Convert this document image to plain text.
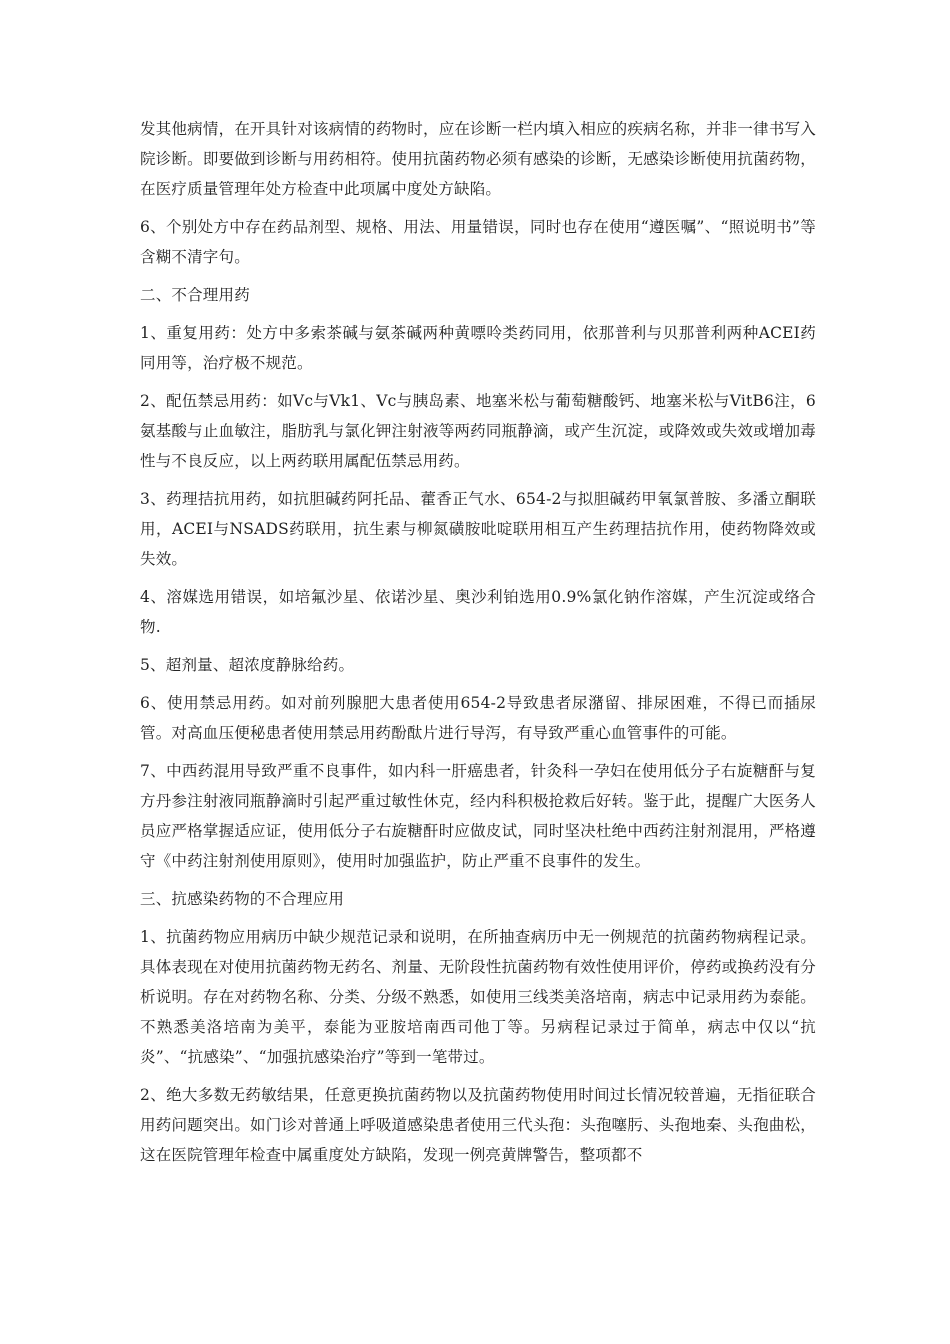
发其他病情，在开具针对该病情的药物时，应在诊断一栏内填入相应的疾病名称，并非一律书写入院诊断。即要做到诊断与用药相符。使用抗菌药物必须有感染的诊断，无感染诊断使用抗菌药物，在医疗质量管理年处方检查中此项属中度处方缺陷。

6、个别处方中存在药品剂型、规格、用法、用量错误，同时也存在使用“遵医嘱”、“照说明书”等含糊不清字句。

二、不合理用药

1、重复用药：处方中多索茶碱与氨茶碱两种黄嘌呤类药同用，依那普利与贝那普利两种ACEI药同用等，治疗极不规范。

2、配伍禁忌用药：如Vc与Vk1、Vc与胰岛素、地塞米松与葡萄糖酸钙、地塞米松与VitB6注，6氨基酸与止血敏注，脂肪乳与氯化钾注射液等两药同瓶静滴，或产生沉淀，或降效或失效或增加毒性与不良反应，以上两药联用属配伍禁忌用药。

3、药理拮抗用药，如抗胆碱药阿托品、藿香正气水、654-2与拟胆碱药甲氧氯普胺、多潘立酮联用，ACEI与NSADS药联用，抗生素与柳氮磺胺吡啶联用相互产生药理拮抗作用，使药物降效或失效。

4、溶媒选用错误，如培氟沙星、依诺沙星、奥沙利铂选用0.9%氯化钠作溶媒，产生沉淀或络合物.

5、超剂量、超浓度静脉给药。

6、使用禁忌用药。如对前列腺肥大患者使用654-2导致患者尿潴留、排尿困难，不得已而插尿管。对高血压便秘患者使用禁忌用药酚酞片进行导泻，有导致严重心血管事件的可能。

7、中西药混用导致严重不良事件，如内科一肝癌患者，针灸科一孕妇在使用低分子右旋糖酐与复方丹参注射液同瓶静滴时引起严重过敏性休克，经内科积极抢救后好转。鉴于此，提醒广大医务人员应严格掌握适应证，使用低分子右旋糖酐时应做皮试，同时坚决杜绝中西药注射剂混用，严格遵守《中药注射剂使用原则》，使用时加强监护，防止严重不良事件的发生。

三、抗感染药物的不合理应用

1、抗菌药物应用病历中缺少规范记录和说明，在所抽查病历中无一例规范的抗菌药物病程记录。具体表现在对使用抗菌药物无药名、剂量、无阶段性抗菌药物有效性使用评价，停药或换药没有分析说明。存在对药物名称、分类、分级不熟悉，如使用三线类美洛培南，病志中记录用药为泰能。不熟悉美洛培南为美平，泰能为亚胺培南西司他丁等。另病程记录过于简单，病志中仅以“抗炎”、“抗感染”、“加强抗感染治疗”等到一笔带过。

2、绝大多数无药敏结果，任意更换抗菌药物以及抗菌药物使用时间过长情况较普遍，无指征联合用药问题突出。如门诊对普通上呼吸道感染患者使用三代头孢：头孢噻肟、头孢地秦、头孢曲松，这在医院管理年检查中属重度处方缺陷，发现一例亮黄牌警告，整项都不
